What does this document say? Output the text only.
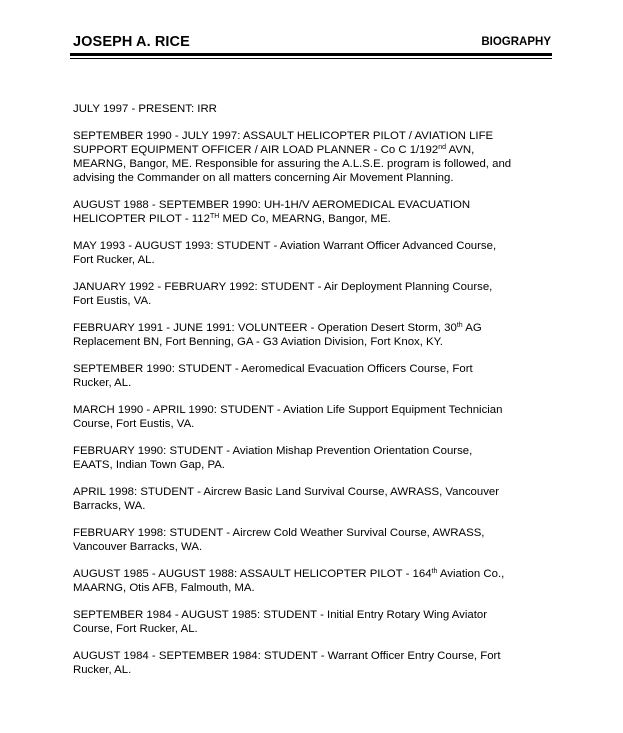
JOSEPH A. RICE	BIOGRAPHY

JULY 1997 - PRESENT: IRR

SEPTEMBER 1990 - JULY 1997: ASSAULT HELICOPTER PILOT / AVIATION LIFE
SUPPORT EQUIPMENT OFFICER / AIR LOAD PLANNER - Co C 1/192nd AVN,
MEARNG, Bangor, ME. Responsible for assuring the A.L.S.E. program is followed, and
advising the Commander on all matters concerning Air Movement Planning.

AUGUST 1988 - SEPTEMBER 1990: UH-1H/V AEROMEDICAL EVACUATION
HELICOPTER PILOT - 112TH MED Co, MEARNG, Bangor, ME.

MAY 1993 - AUGUST 1993: STUDENT - Aviation Warrant Officer Advanced Course,
Fort Rucker, AL.

JANUARY 1992 - FEBRUARY 1992: STUDENT - Air Deployment Planning Course,
Fort Eustis, VA.

FEBRUARY 1991 - JUNE 1991: VOLUNTEER - Operation Desert Storm, 30th AG
Replacement BN, Fort Benning, GA - G3 Aviation Division, Fort Knox, KY.

SEPTEMBER 1990: STUDENT - Aeromedical Evacuation Officers Course, Fort
Rucker, AL.

MARCH 1990 - APRIL 1990: STUDENT - Aviation Life Support Equipment Technician
Course, Fort Eustis, VA.

FEBRUARY 1990: STUDENT - Aviation Mishap Prevention Orientation Course,
EAATS, Indian Town Gap, PA.

APRIL 1998: STUDENT - Aircrew Basic Land Survival Course, AWRASS, Vancouver
Barracks, WA.

FEBRUARY 1998: STUDENT - Aircrew Cold Weather Survival Course, AWRASS,
Vancouver Barracks, WA.

AUGUST 1985 - AUGUST 1988: ASSAULT HELICOPTER PILOT - 164th Aviation Co.,
MAARNG, Otis AFB, Falmouth, MA.

SEPTEMBER 1984 - AUGUST 1985: STUDENT - Initial Entry Rotary Wing Aviator
Course, Fort Rucker, AL.

AUGUST 1984 - SEPTEMBER 1984: STUDENT - Warrant Officer Entry Course, Fort
Rucker, AL.
